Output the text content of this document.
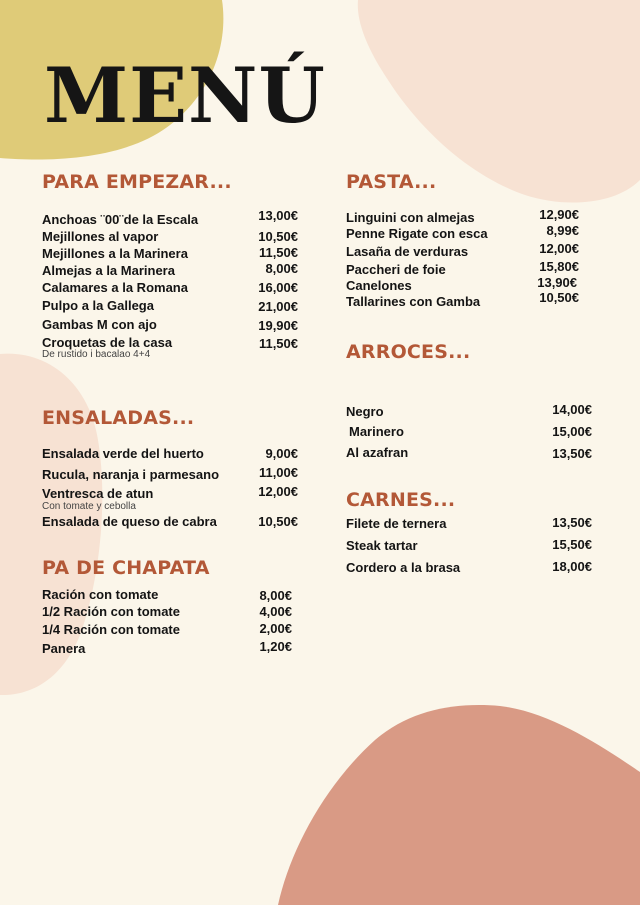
MENÚ
PARA EMPEZAR...
Anchoas ¨00¨de la Escala	13,00€
Mejillones al vapor	10,50€
Mejillones a la Marinera	11,50€
Almejas a la Marinera	8,00€
Calamares a la Romana	16,00€
Pulpo a la Gallega	21,00€
Gambas M con ajo	19,90€
Croquetas de la casa	11,50€
De rustido i bacalao 4+4
ENSALADAS...
Ensalada verde del huerto	9,00€
Rucula, naranja i parmesano	11,00€
Ventresca de atun	12,00€
Con tomate y cebolla
Ensalada de queso de cabra	10,50€
PA DE CHAPATA
Ración con tomate	8,00€
1/2 Ración con tomate	4,00€
1/4 Ración con tomate	2,00€
Panera	1,20€
PASTA...
Linguini con almejas	12,90€
Penne Rigate con esca	8,99€
Lasaña de verduras	12,00€
Paccheri de foie	15,80€
Canelones	13,90€
Tallarines con Gamba	10,50€
ARROCES...
Negro	14,00€
Marinero	15,00€
Al azafran	13,50€
CARNES...
Filete de ternera	13,50€
Steak tartar	15,50€
Cordero a la brasa	18,00€
